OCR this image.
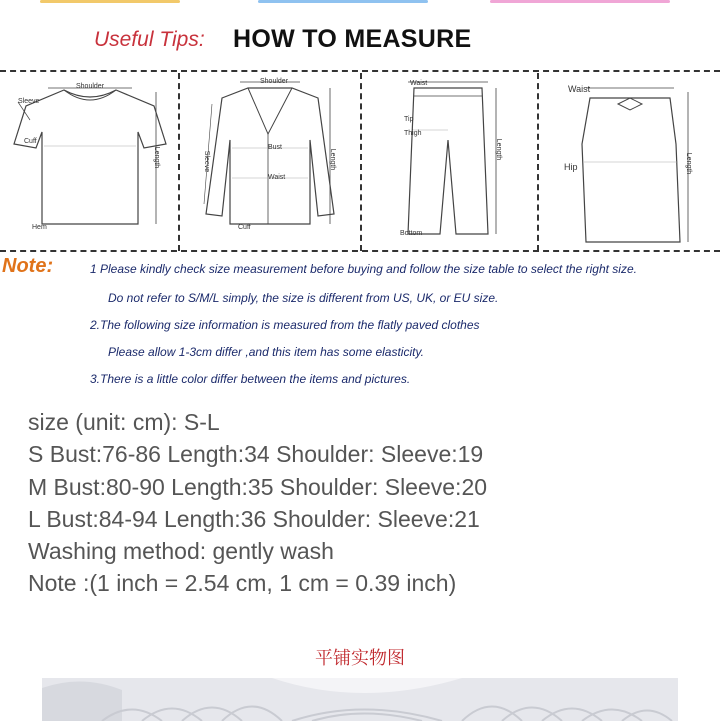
Useful Tips: HOW TO MEASURE
Shoulder
Sleeve
Cuff
Hem
Length
Shoulder
Sleeve
Bust
Waist
Cuff
Length
Waist
Tip
Thigh
Bottom
Length
Waist
Hip	Length
Note:	1 Please kindly check size measurement before buying and follow the size table to select the right size.
Do not refer to S/M/L simply, the size is different from US, UK, or EU size.
2.The following size information is measured from the flatly paved clothes
Please allow 1-3cm differ ,and this item has some elasticity.
3.There is a little color differ between the items and pictures.
size (unit: cm): S-L
S Bust:76-86 Length:34 Shoulder: Sleeve:19
M Bust:80-90 Length:35 Shoulder: Sleeve:20
L Bust:84-94 Length:36 Shoulder: Sleeve:21
Washing method: gently wash
Note :(1 inch = 2.54 cm, 1 cm = 0.39 inch)
平铺实物图
